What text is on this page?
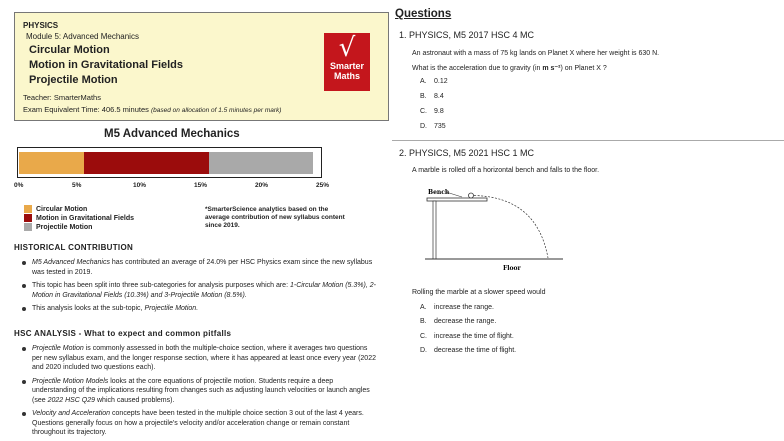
PHYSICS
Module 5: Advanced Mechanics
Circular Motion
Motion in Gravitational Fields
Projectile Motion
Teacher: SmarterMaths
Exam Equivalent Time: 406.5 minutes (based on allocation of 1.5 minutes per mark)
√
Smarter
Maths
M5 Advanced Mechanics
0%	5%	10%	15%	20%	25%
Circular Motion
Motion in Gravitational Fields
Projectile Motion
*SmarterScience analytics based on the average contribution of new syllabus content since 2019.
HISTORICAL CONTRIBUTION
M5 Advanced Mechanics has contributed an average of 24.0% per HSC Physics exam since the new syllabus was tested in 2019.
This topic has been split into three sub-categories for analysis purposes which are: 1-Circular Motion (5.3%), 2-Motion in Gravitational Fields (10.3%) and 3-Projectile Motion (8.5%).
This analysis looks at the sub-topic, Projectile Motion.
HSC ANALYSIS - What to expect and common pitfalls
Projectile Motion is commonly assessed in both the multiple-choice section, where it averages two questions per new syllabus exam, and the longer response section, where it has appeared at least once every year (2022 and 2020 included two questions each).
Projectile Motion Models looks at the core equations of projectile motion. Students require a deep understanding of the implications resulting from changes such as adjusting launch velocities or launch angles (see 2022 HSC Q29 which caused problems).
Velocity and Acceleration concepts have been tested in the multiple choice section 3 out of the last 4 years. Questions generally focus on how a projectile's velocity and/or acceleration change or remain constant throughout its trajectory.
Questions
1. PHYSICS, M5 2017 HSC 4 MC
An astronaut with a mass of 75 kg lands on Planet X where her weight is 630 N.
What is the acceleration due to gravity (in m s⁻²) on Planet X ?
A. 0.12
B. 8.4
C. 9.8
D. 735
2. PHYSICS, M5 2021 HSC 1 MC
A marble is rolled off a horizontal bench and falls to the floor.
Bench
Floor
Rolling the marble at a slower speed would
A. increase the range.
B. decrease the range.
C. increase the time of flight.
D. decrease the time of flight.
